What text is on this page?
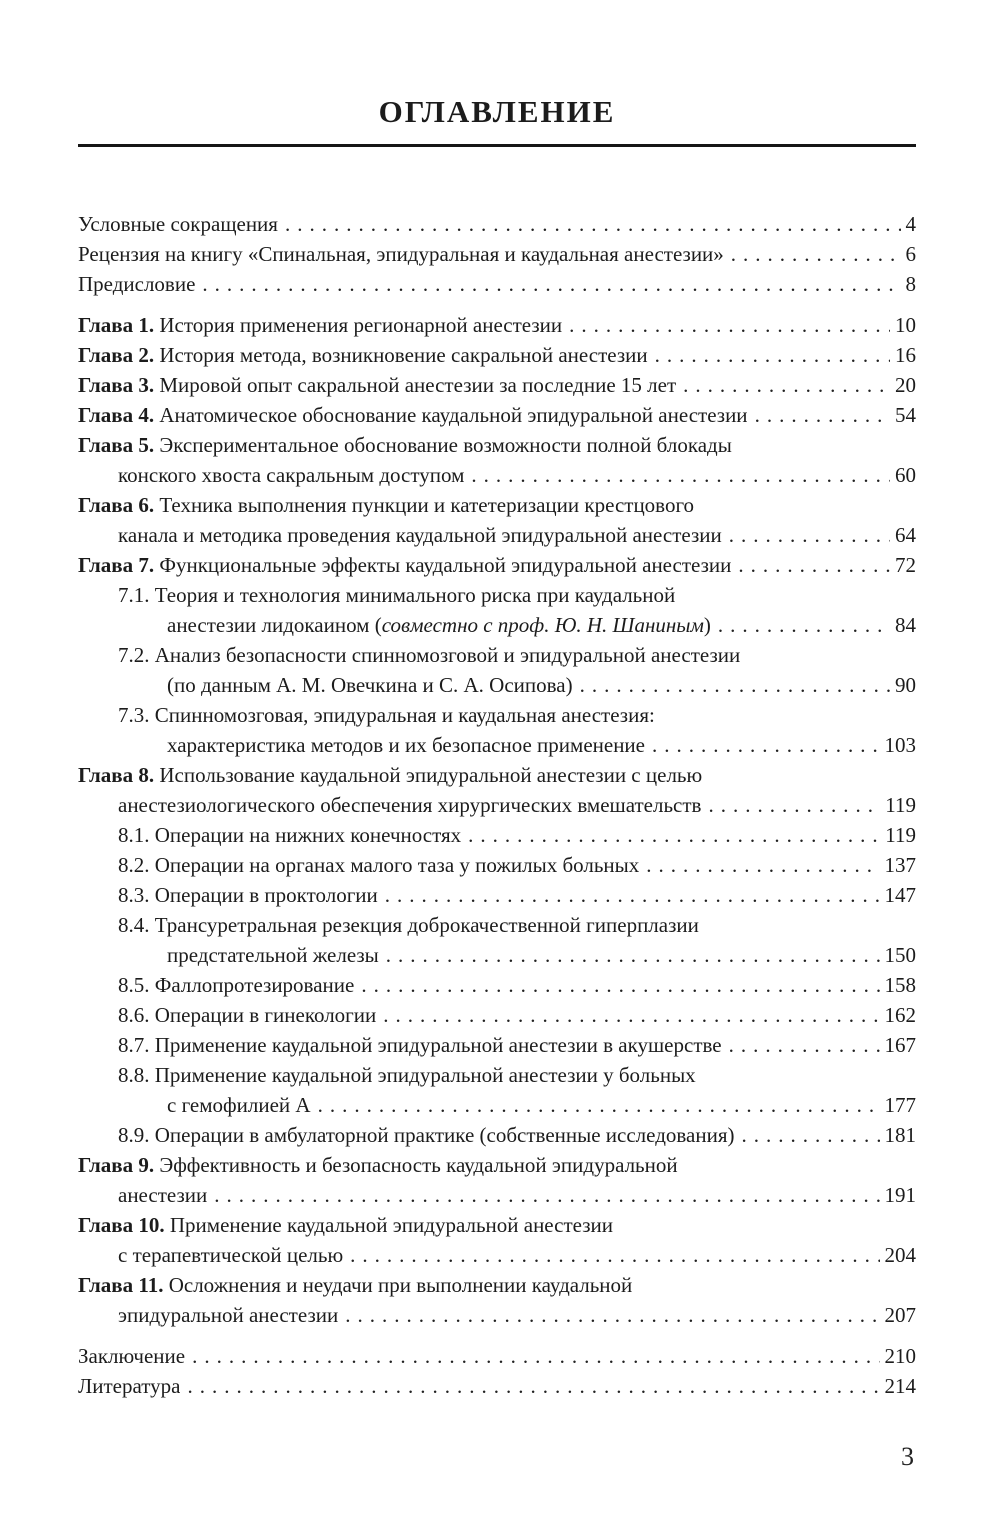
ОГЛАВЛЕНИЕ
Условные сокращения .....	4
Рецензия на книгу «Спинальная, эпидуральная и каудальная анестезии» .....	6
Предисловие .....	8
Глава 1. История применения регионарной анестезии .....	10
Глава 2. История метода, возникновение сакральной анестезии .....	16
Глава 3. Мировой опыт сакральной анестезии за последние 15 лет .....	20
Глава 4. Анатомическое обоснование каудальной эпидуральной анестезии .....	54
Глава 5. Экспериментальное обоснование возможности полной блокады
конского хвоста сакральным доступом .....	60
Глава 6. Техника выполнения пункции и катетеризации крестцового
канала и методика проведения каудальной эпидуральной анестезии .....	64
Глава 7. Функциональные эффекты каудальной эпидуральной анестезии .....	72
7.1. Теория и технология минимального риска при каудальной
анестезии лидокаином (совместно с проф. Ю. Н. Шаниным) .....	84
7.2. Анализ безопасности спинномозговой и эпидуральной анестезии
(по данным А. М. Овечкина и С. А. Осипова) .....	90
7.3. Спинномозговая, эпидуральная и каудальная анестезия:
характеристика методов и их безопасное применение .....	103
Глава 8. Использование каудальной эпидуральной анестезии с целью
анестезиологического обеспечения хирургических вмешательств .....	119
8.1. Операции на нижних конечностях .....	119
8.2. Операции на органах малого таза у пожилых больных .....	137
8.3. Операции в проктологии .....	147
8.4. Трансуретральная резекция доброкачественной гиперплазии
предстательной железы .....	150
8.5. Фаллопротезирование .....	158
8.6. Операции в гинекологии .....	162
8.7. Применение каудальной эпидуральной анестезии в акушерстве .....	167
8.8. Применение каудальной эпидуральной анестезии у больных
с гемофилией А .....	177
8.9. Операции в амбулаторной практике (собственные исследования) .....	181
Глава 9. Эффективность и безопасность каудальной эпидуральной
анестезии .....	191
Глава 10. Применение каудальной эпидуральной анестезии
с терапевтической целью .....	204
Глава 11. Осложнения и неудачи при выполнении каудальной
эпидуральной анестезии .....	207
Заключение .....	210
Литература .....	214
3
